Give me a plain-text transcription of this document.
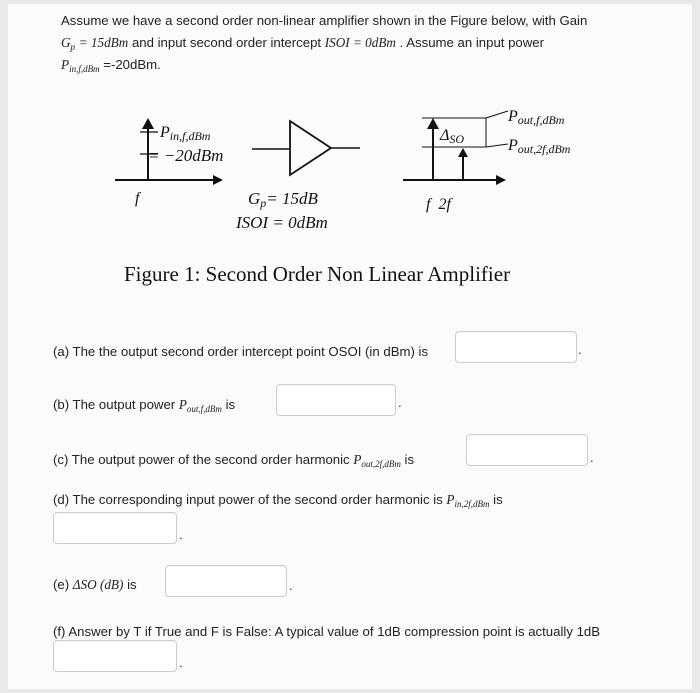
Assume we have a second order non-linear amplifier shown in the Figure below, with Gain
$G_p = 15dBm$ and input second order intercept ISOI = 0dBm . Assume an input power
$P_{in,f,dBm} =-20dBm$.
Pin,f,dBm
= −20dBm
f	Gp= 15dB
ISOI = 0dBm
ΔSO
Pout,f,dBm
Pout,2f,dBm
f  2f
Figure 1: Second Order Non Linear Amplifier
(a) The the output second order intercept point OSOI (in dBm) is	.
(b) The output power $P_{out,f,dBm}$ is	.
(c) The output power of the second order harmonic $P_{out,2f,dBm}$ is	.
(d) The corresponding input power of the second order harmonic is $P_{in,2f,dBm}$ is
.
(e) ΔSO (dB) is	.
(f) Answer by T if True and F is False: A typical value of 1dB compression point is actually 1dB
.
